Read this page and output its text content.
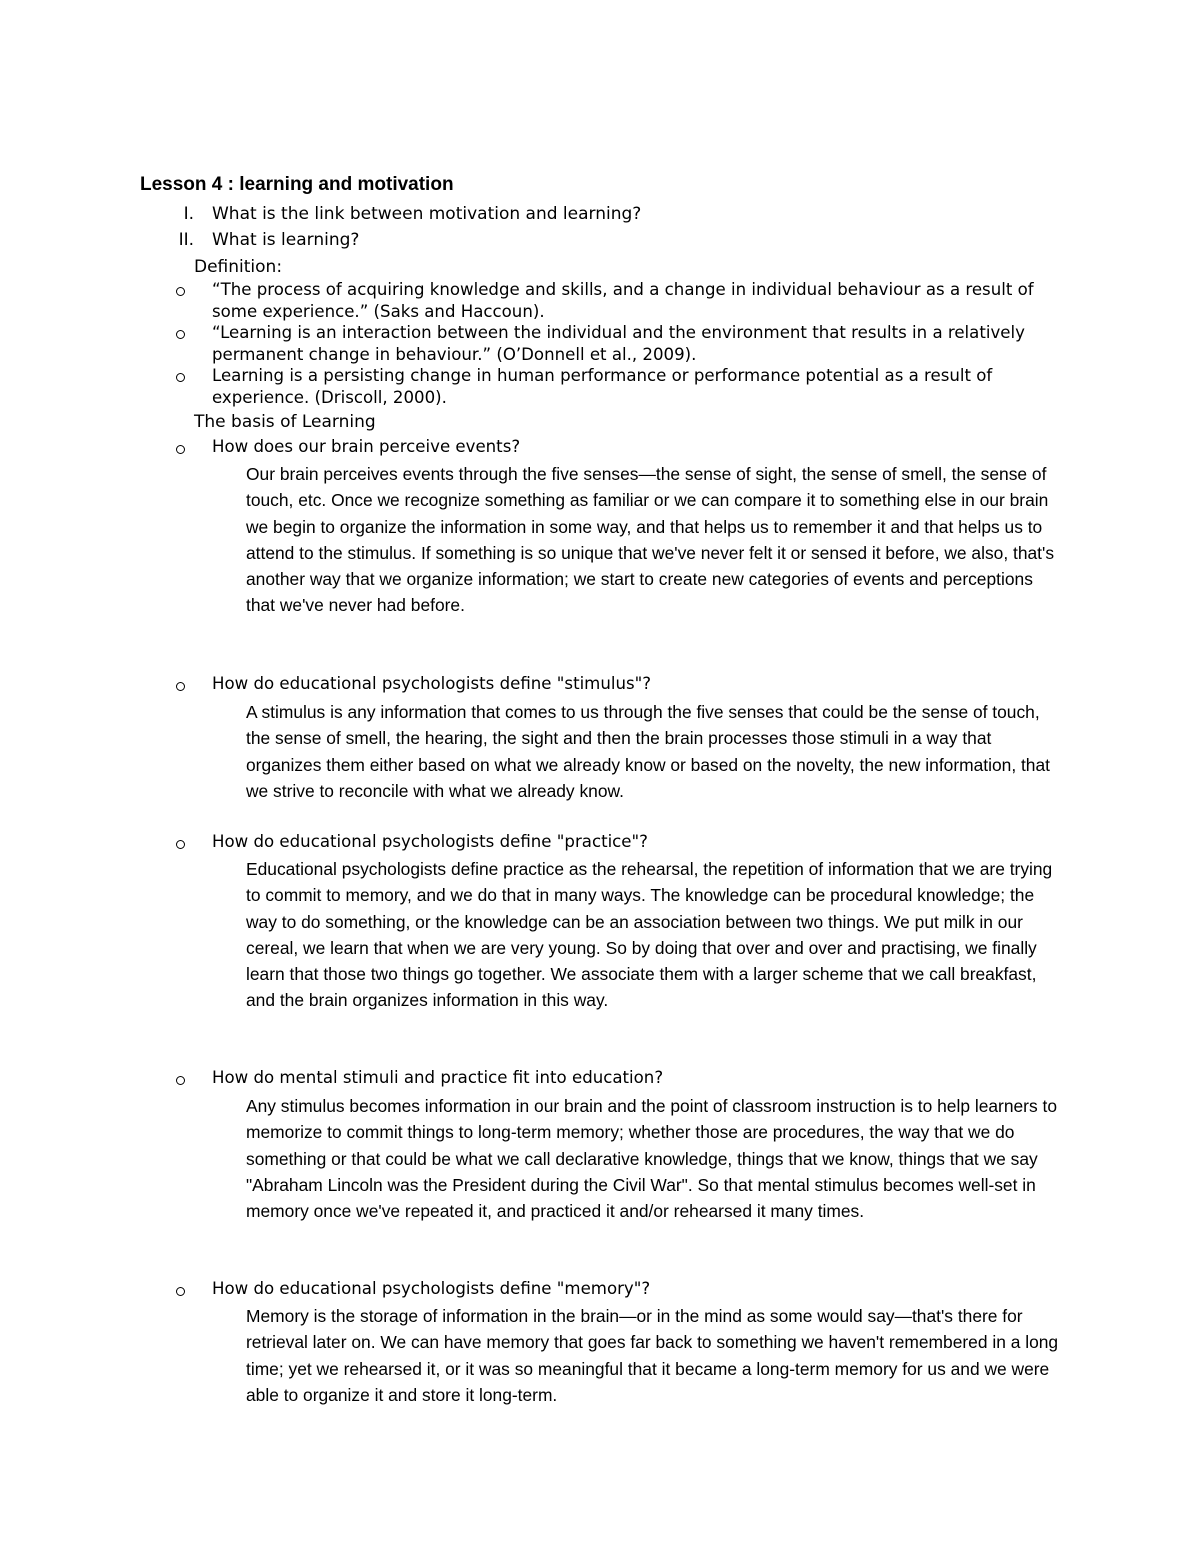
Lesson 4 : learning and motivation
I. What is the link between motivation and learning?
II. What is learning?
Definition:
“The process of acquiring knowledge and skills, and a change in individual behaviour as a result of some experience.” (Saks and Haccoun).
“Learning is an interaction between the individual and the environment that results in a relatively permanent change in behaviour.” (O’Donnell et al., 2009).
Learning is a persisting change in human performance or performance potential as a result of experience. (Driscoll, 2000).
The basis of Learning
How does our brain perceive events?
Our brain perceives events through the five senses—the sense of sight, the sense of smell, the sense of touch, etc. Once we recognize something as familiar or we can compare it to something else in our brain we begin to organize the information in some way, and that helps us to remember it and that helps us to attend to the stimulus. If something is so unique that we've never felt it or sensed it before, we also, that's another way that we organize information; we start to create new categories of events and perceptions that we've never had before.
How do educational psychologists define "stimulus"?
A stimulus is any information that comes to us through the five senses that could be the sense of touch, the sense of smell, the hearing, the sight and then the brain processes those stimuli in a way that organizes them either based on what we already know or based on the novelty, the new information, that we strive to reconcile with what we already know.
How do educational psychologists define "practice"?
Educational psychologists define practice as the rehearsal, the repetition of information that we are trying to commit to memory, and we do that in many ways. The knowledge can be procedural knowledge; the way to do something, or the knowledge can be an association between two things. We put milk in our cereal, we learn that when we are very young. So by doing that over and over and practising, we finally learn that those two things go together. We associate them with a larger scheme that we call breakfast, and the brain organizes information in this way.
How do mental stimuli and practice fit into education?
Any stimulus becomes information in our brain and the point of classroom instruction is to help learners to memorize to commit things to long-term memory; whether those are procedures, the way that we do something or that could be what we call declarative knowledge, things that we know, things that we say "Abraham Lincoln was the President during the Civil War". So that mental stimulus becomes well-set in memory once we've repeated it, and practiced it and/or rehearsed it many times.
How do educational psychologists define "memory"?
Memory is the storage of information in the brain—or in the mind as some would say—that's there for retrieval later on. We can have memory that goes far back to something we haven't remembered in a long time; yet we rehearsed it, or it was so meaningful that it became a long-term memory for us and we were able to organize it and store it long-term.
